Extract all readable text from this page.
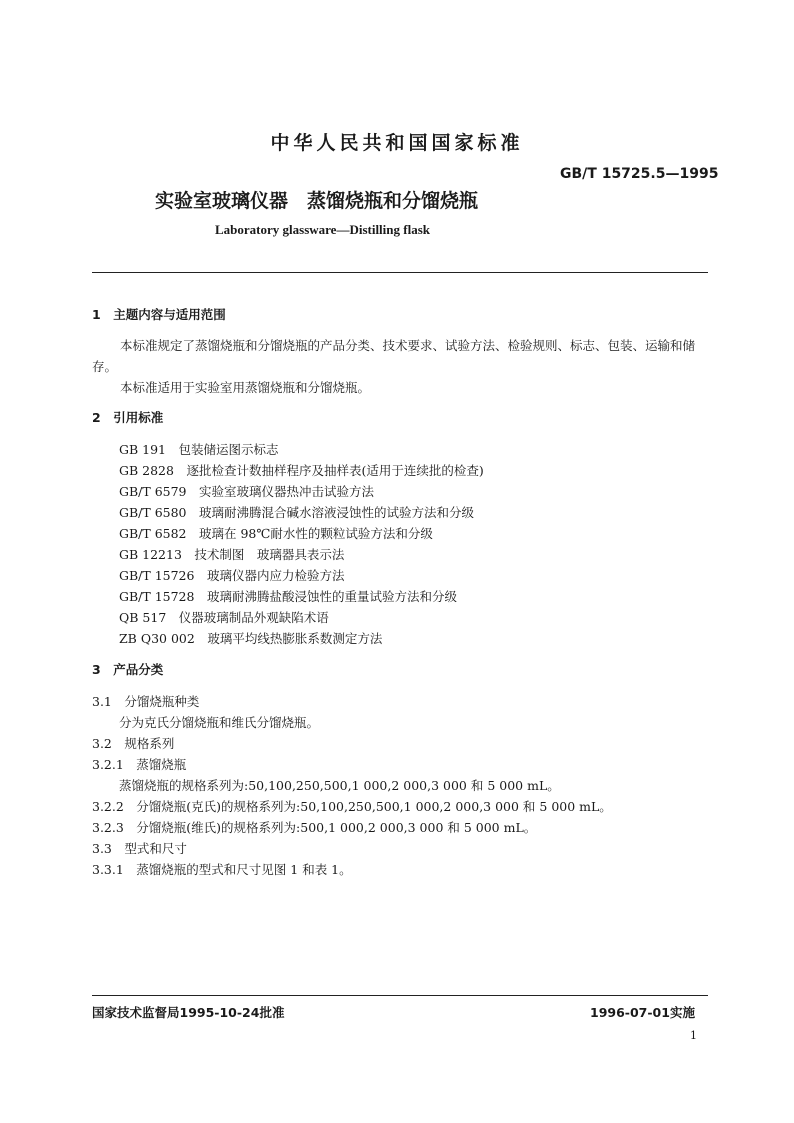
中华人民共和国国家标准
GB/T 15725.5—1995
实验室玻璃仪器　蒸馏烧瓶和分馏烧瓶
Laboratory glassware—Distilling flask
1　主题内容与适用范围
本标准规定了蒸馏烧瓶和分馏烧瓶的产品分类、技术要求、试验方法、检验规则、标志、包装、运输和储存。
本标准适用于实验室用蒸馏烧瓶和分馏烧瓶。
2　引用标准
GB 191　包装储运图示标志
GB 2828　逐批检查计数抽样程序及抽样表(适用于连续批的检查)
GB/T 6579　实验室玻璃仪器热冲击试验方法
GB/T 6580　玻璃耐沸腾混合碱水溶液浸蚀性的试验方法和分级
GB/T 6582　玻璃在 98℃耐水性的颗粒试验方法和分级
GB 12213　技术制图　玻璃器具表示法
GB/T 15726　玻璃仪器内应力检验方法
GB/T 15728　玻璃耐沸腾盐酸浸蚀性的重量试验方法和分级
QB 517　仪器玻璃制品外观缺陷术语
ZB Q30 002　玻璃平均线热膨胀系数测定方法
3　产品分类
3.1　分馏烧瓶种类
分为克氏分馏烧瓶和维氏分馏烧瓶。
3.2　规格系列
3.2.1　蒸馏烧瓶
蒸馏烧瓶的规格系列为:50,100,250,500,1 000,2 000,3 000 和 5 000 mL。
3.2.2　分馏烧瓶(克氏)的规格系列为:50,100,250,500,1 000,2 000,3 000 和 5 000 mL。
3.2.3　分馏烧瓶(维氏)的规格系列为:500,1 000,2 000,3 000 和 5 000 mL。
3.3　型式和尺寸
3.3.1　蒸馏烧瓶的型式和尺寸见图 1 和表 1。
国家技术监督局1995-10-24批准	1996-07-01实施
1
